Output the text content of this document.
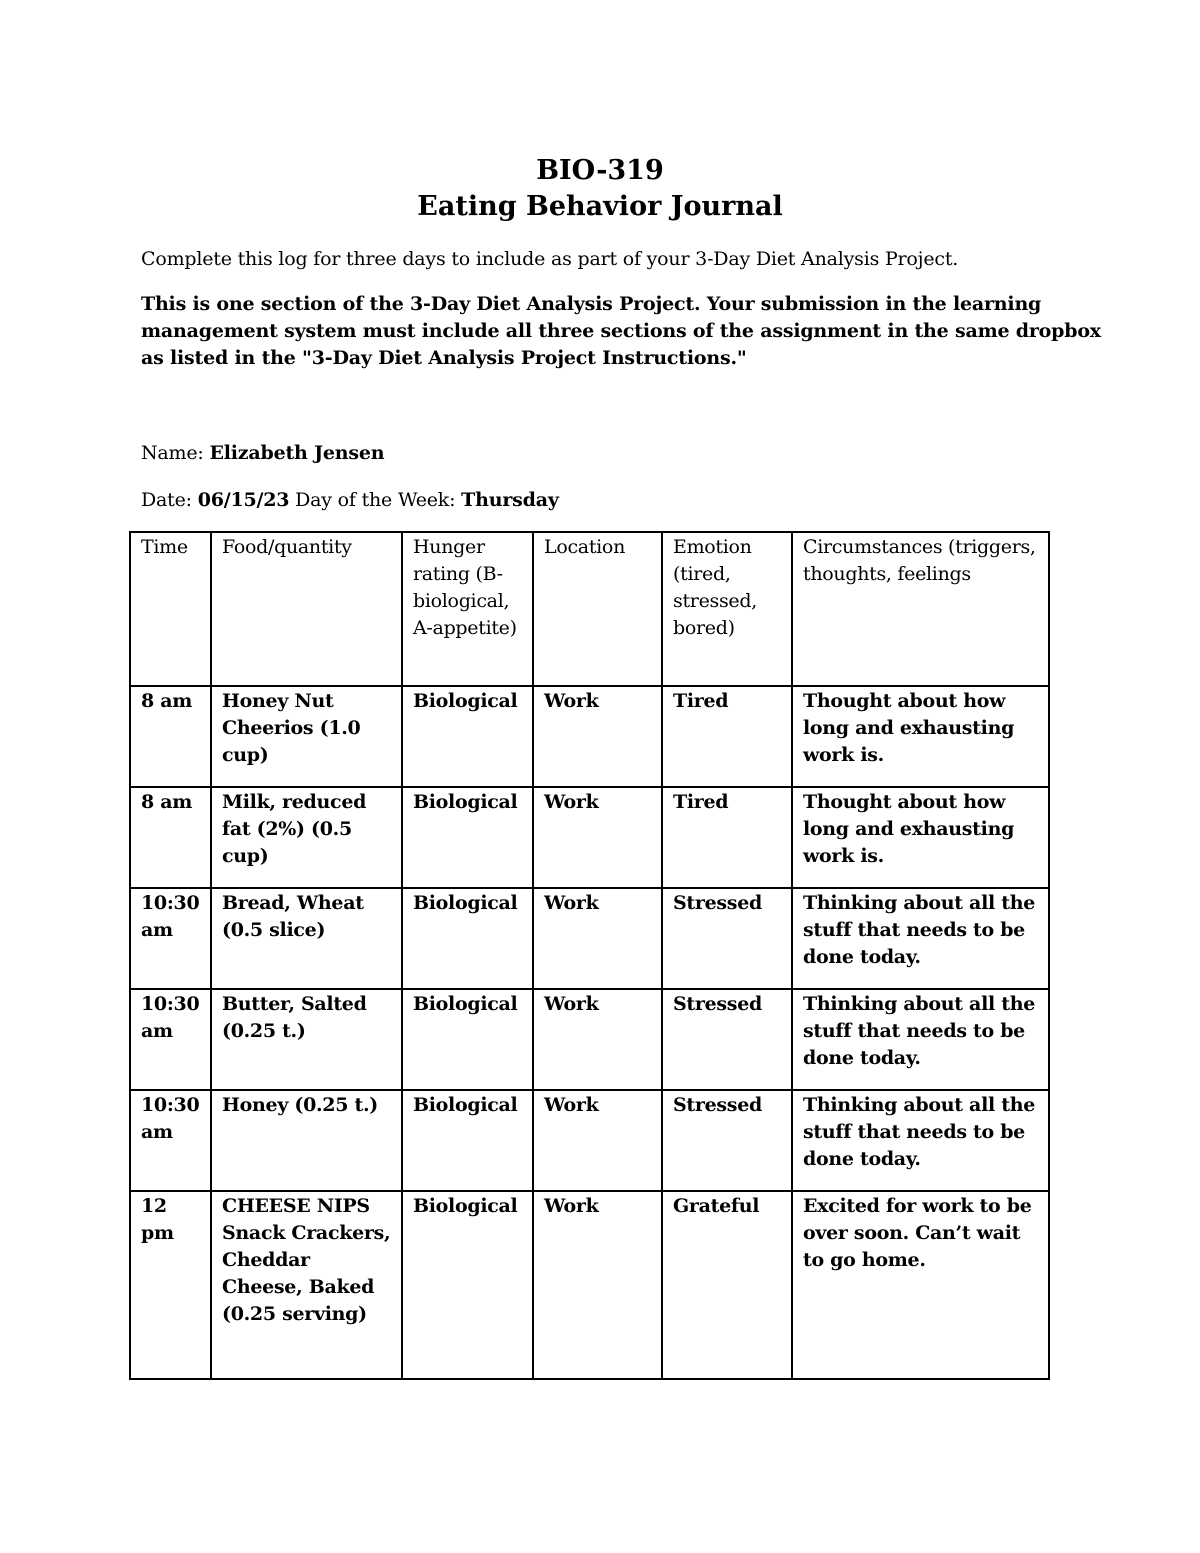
BIO-319
Eating Behavior Journal
Complete this log for three days to include as part of your 3-Day Diet Analysis Project.
This is one section of the 3-Day Diet Analysis Project. Your submission in the learning
management system must include all three sections of the assignment in the same dropbox
as listed in the "3-Day Diet Analysis Project Instructions."
Name: Elizabeth Jensen
Date: 06/15/23 Day of the Week: Thursday
Time	Food/quantity	Hunger rating (B-biological, A-appetite)	Location	Emotion (tired, stressed, bored)	Circumstances (triggers, thoughts, feelings
8 am	Honey Nut Cheerios (1.0 cup)	Biological	Work	Tired	Thought about how long and exhausting work is.
8 am	Milk, reduced fat (2%) (0.5 cup)	Biological	Work	Tired	Thought about how long and exhausting work is.
10:30 am	Bread, Wheat (0.5 slice)	Biological	Work	Stressed	Thinking about all the stuff that needs to be done today.
10:30 am	Butter, Salted (0.25 t.)	Biological	Work	Stressed	Thinking about all the stuff that needs to be done today.
10:30 am	Honey (0.25 t.)	Biological	Work	Stressed	Thinking about all the stuff that needs to be done today.
12 pm	CHEESE NIPS Snack Crackers, Cheddar Cheese, Baked (0.25 serving)	Biological	Work	Grateful	Excited for work to be over soon. Can’t wait to go home.
